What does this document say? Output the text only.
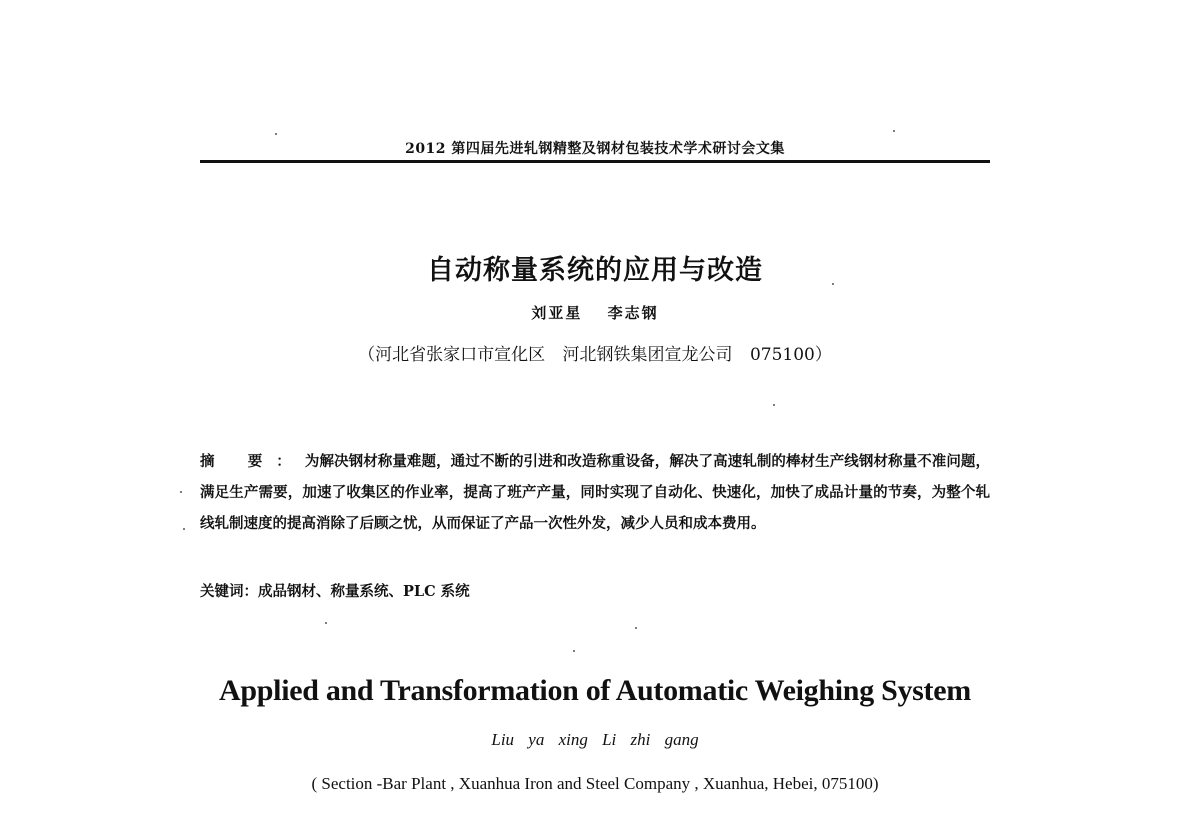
2012 第四届先进轧钢精整及钢材包装技术学术研讨会文集
自动称量系统的应用与改造
刘亚星 李志钢
（河北省张家口市宣化区 河北钢铁集团宣龙公司 075100）
摘 要：为解决钢材称量难题，通过不断的引进和改造称重设备，解决了高速轧制的棒材生产线钢材称量不准问题，满足生产需要，加速了收集区的作业率，提高了班产产量，同时实现了自动化、快速化，加快了成品计量的节奏，为整个轧线轧制速度的提高消除了后顾之忧，从而保证了产品一次性外发，减少人员和成本费用。
关键词：成品钢材、称量系统、PLC 系统
Applied and Transformation of Automatic Weighing System
Liu ya xing Li zhi gang
( Section -Bar Plant , Xuanhua Iron and Steel Company , Xuanhua, Hebei, 075100)
